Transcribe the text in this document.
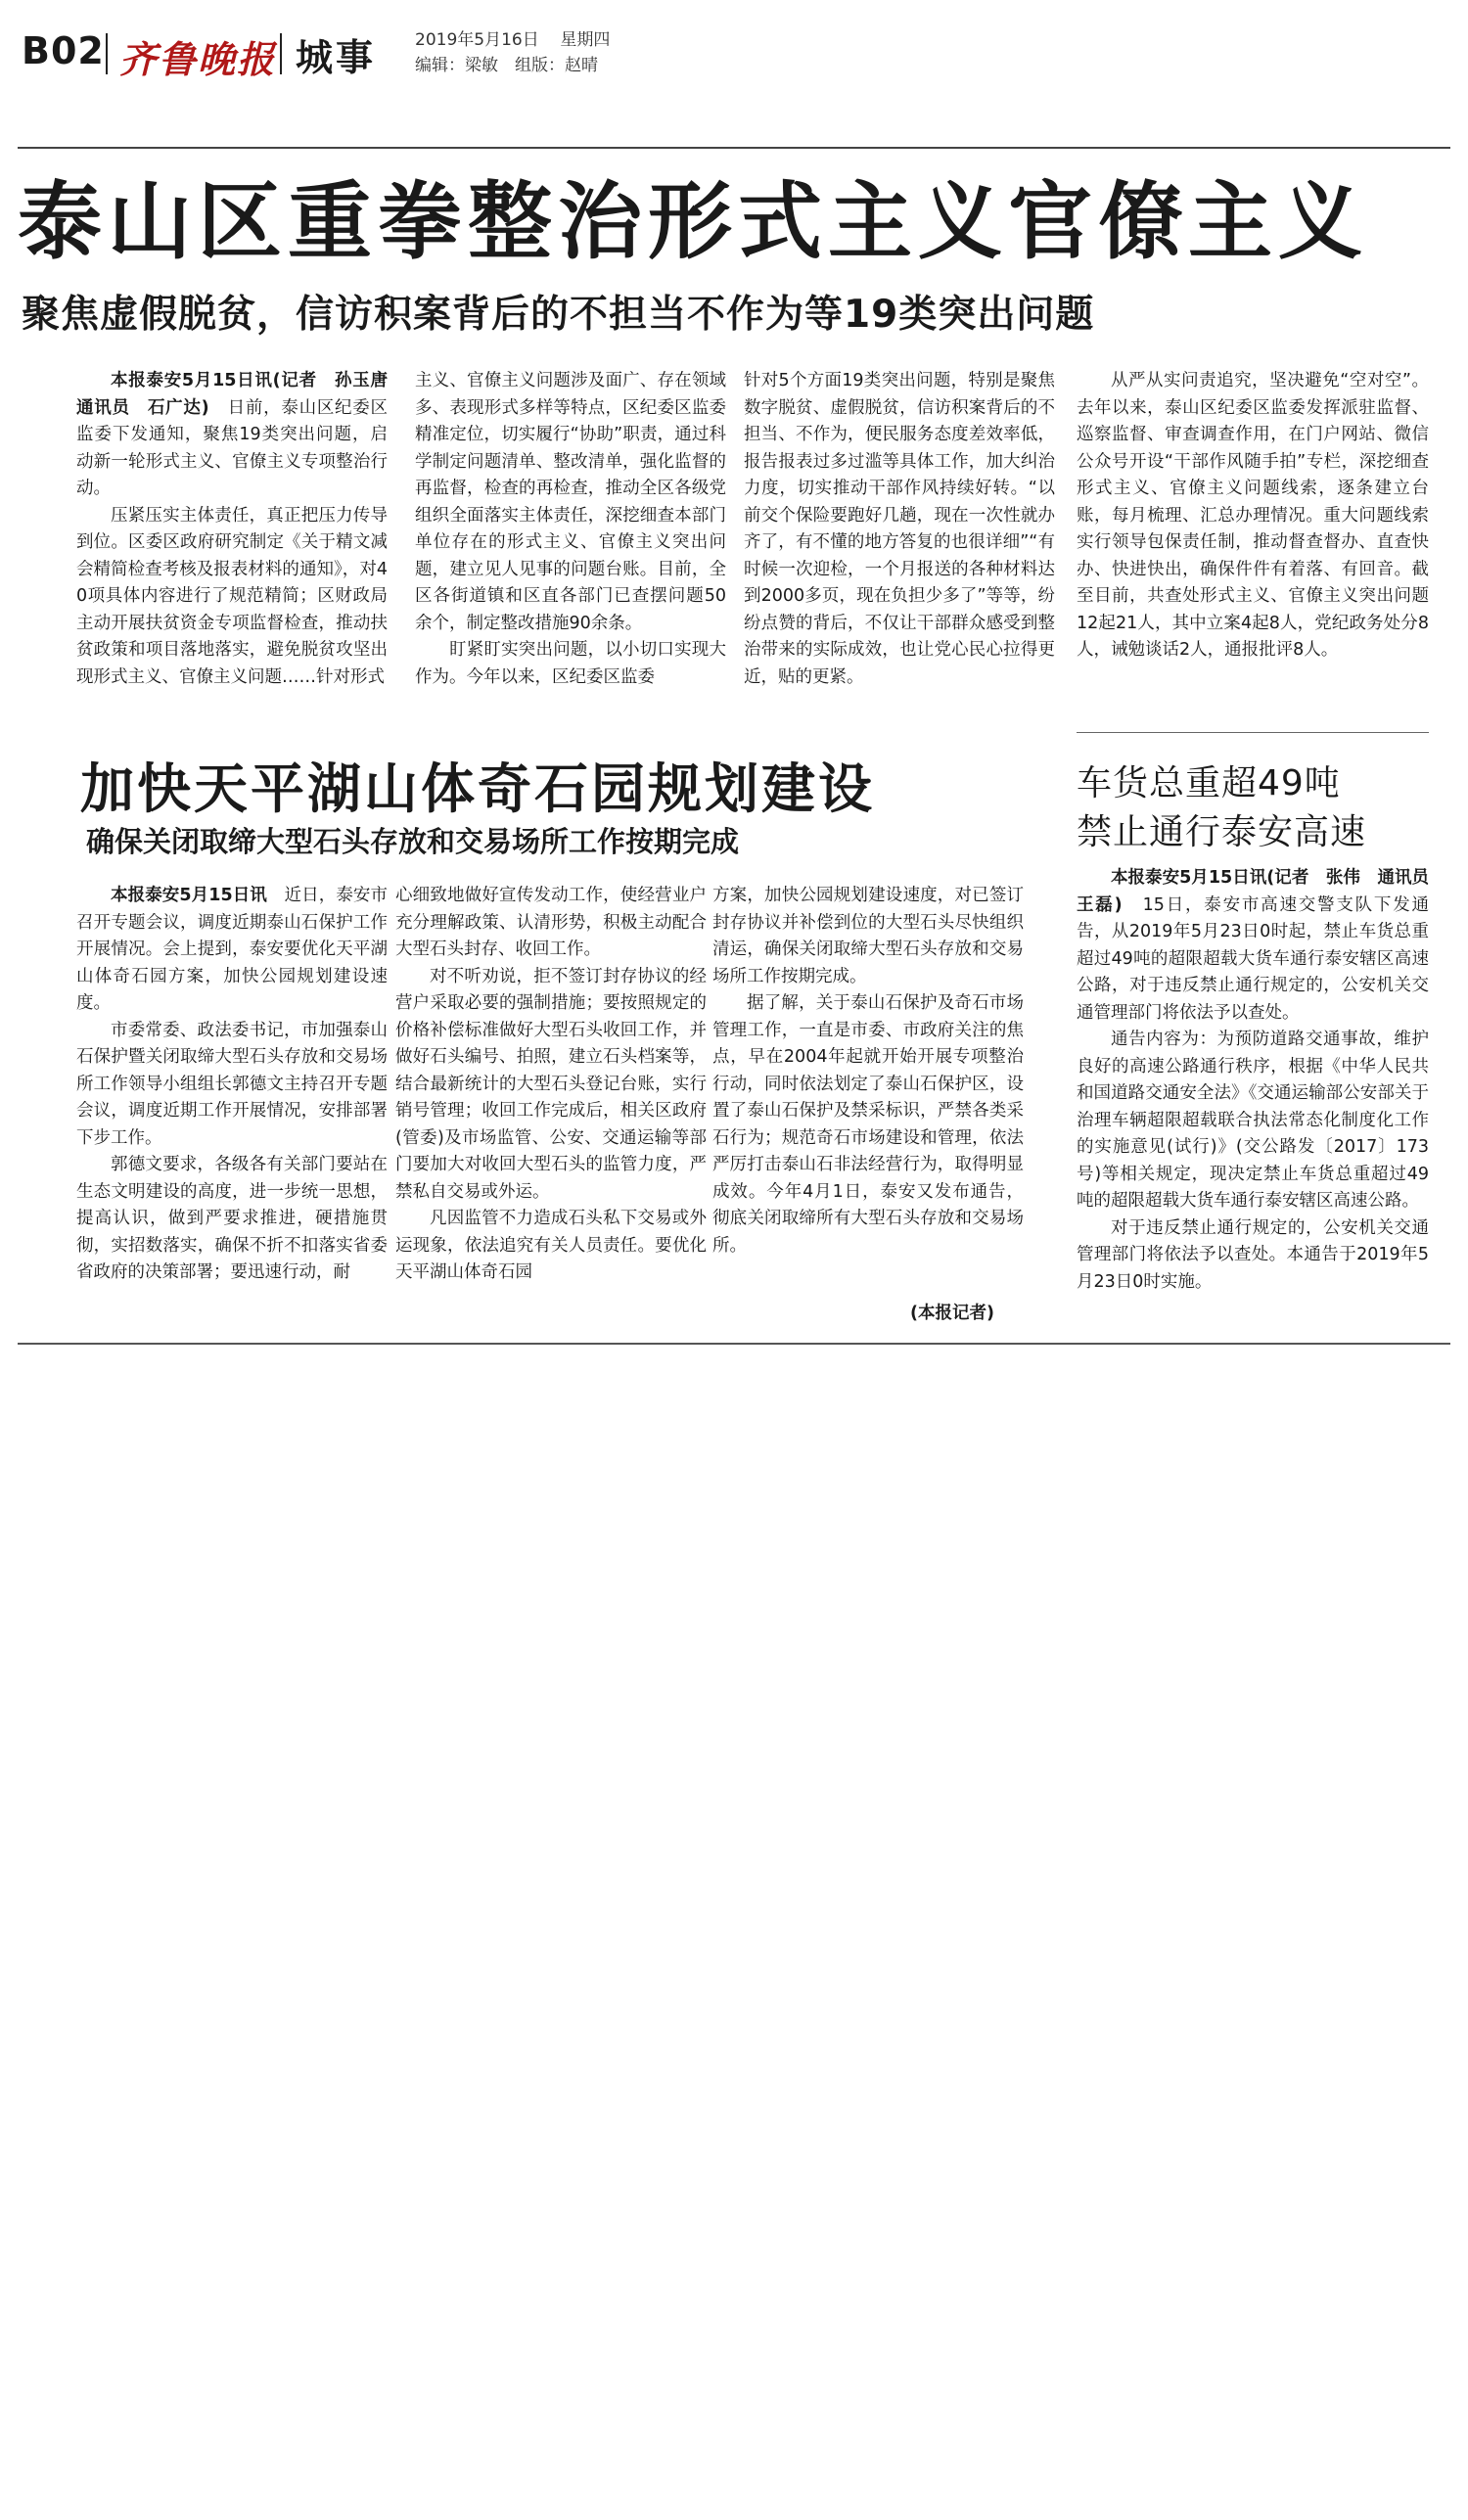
B02 齐鲁晚报 城事 2019年5月16日 星期四
编辑：梁敏　组版：赵晴
泰山区重拳整治形式主义官僚主义
聚焦虚假脱贫，信访积案背后的不担当不作为等19类突出问题

本报泰安5月15日讯(记者　孙玉唐　通讯员　石广达)　 日前，泰山区纪委区监委下发通知，聚焦19类突出问题，启动新一轮形式主义、官僚主义专项整治行动。

压紧压实主体责任，真正把压力传导到位。区委区政府研究制定《关于精文减会精简检查考核及报表材料的通知》，对40项具体内容进行了规范精简；区财政局主动开展扶贫资金专项监督检查，推动扶贫政策和项目落地落实，避免脱贫攻坚出现形式主义、官僚主义问题……针对形式

主义、官僚主义问题涉及面广、存在领域多、表现形式多样等特点，区纪委区监委精准定位，切实履行“协助”职责，通过科学制定问题清单、整改清单，强化监督的再监督，检查的再检查，推动全区各级党组织全面落实主体责任，深挖细查本部门单位存在的形式主义、官僚主义突出问题，建立见人见事的问题台账。目前，全区各街道镇和区直各部门已查摆问题50余个，制定整改措施90余条。

盯紧盯实突出问题，以小切口实现大作为。今年以来，区纪委区监委

针对5个方面19类突出问题，特别是聚焦数字脱贫、虚假脱贫，信访积案背后的不担当、不作为，便民服务态度差效率低，报告报表过多过滥等具体工作，加大纠治力度，切实推动干部作风持续好转。“以前交个保险要跑好几趟，现在一次性就办齐了，有不懂的地方答复的也很详细”“有时候一次迎检，一个月报送的各种材料达到2000多页，现在负担少多了”等等，纷纷点赞的背后，不仅让干部群众感受到整治带来的实际成效，也让党心民心拉得更近，贴的更紧。

从严从实问责追究，坚决避免“空对空”。去年以来，泰山区纪委区监委发挥派驻监督、巡察监督、审查调查作用，在门户网站、微信公众号开设“干部作风随手拍”专栏，深挖细查形式主义、官僚主义问题线索，逐条建立台账，每月梳理、汇总办理情况。重大问题线索实行领导包保责任制，推动督查督办、直查快办、快进快出，确保件件有着落、有回音。截至目前，共查处形式主义、官僚主义突出问题12起21人，其中立案4起8人，党纪政务处分8人，诫勉谈话2人，通报批评8人。

加快天平湖山体奇石园规划建设
确保关闭取缔大型石头存放和交易场所工作按期完成

本报泰安5月15日讯　 近日，泰安市召开专题会议，调度近期泰山石保护工作开展情况。会上提到，泰安要优化天平湖山体奇石园方案，加快公园规划建设速度。

市委常委、政法委书记，市加强泰山石保护暨关闭取缔大型石头存放和交易场所工作领导小组组长郭德文主持召开专题会议，调度近期工作开展情况，安排部署下步工作。

郭德文要求，各级各有关部门要站在生态文明建设的高度，进一步统一思想，提高认识，做到严要求推进，硬措施贯彻，实招数落实，确保不折不扣落实省委省政府的决策部署；要迅速行动，耐

心细致地做好宣传发动工作，使经营业户充分理解政策、认清形势，积极主动配合大型石头封存、收回工作。

对不听劝说，拒不签订封存协议的经营户采取必要的强制措施；要按照规定的价格补偿标准做好大型石头收回工作，并做好石头编号、拍照，建立石头档案等，结合最新统计的大型石头登记台账，实行销号管理；收回工作完成后，相关区政府(管委)及市场监管、公安、交通运输等部门要加大对收回大型石头的监管力度，严禁私自交易或外运。

凡因监管不力造成石头私下交易或外运现象，依法追究有关人员责任。要优化天平湖山体奇石园

方案，加快公园规划建设速度，对已签订封存协议并补偿到位的大型石头尽快组织清运，确保关闭取缔大型石头存放和交易场所工作按期完成。

据了解，关于泰山石保护及奇石市场管理工作，一直是市委、市政府关注的焦点，早在2004年起就开始开展专项整治行动，同时依法划定了泰山石保护区，设置了泰山石保护及禁采标识，严禁各类采石行为；规范奇石市场建设和管理，依法严厉打击泰山石非法经营行为，取得明显成效。今年4月1日，泰安又发布通告，彻底关闭取缔所有大型石头存放和交易场所。

(本报记者)
车货总重超49吨
禁止通行泰安高速

本报泰安5月15日讯(记者　张伟　通讯员　王磊)　 15日，泰安市高速交警支队下发通告，从2019年5月23日0时起，禁止车货总重超过49吨的超限超载大货车通行泰安辖区高速公路，对于违反禁止通行规定的，公安机关交通管理部门将依法予以查处。

通告内容为：为预防道路交通事故，维护良好的高速公路通行秩序，根据《中华人民共和国道路交通安全法》《交通运输部公安部关于治理车辆超限超载联合执法常态化制度化工作的实施意见(试行)》(交公路发〔2017〕173号)等相关规定，现决定禁止车货总重超过49吨的超限超载大货车通行泰安辖区高速公路。

对于违反禁止通行规定的，公安机关交通管理部门将依法予以查处。本通告于2019年5月23日0时实施。
